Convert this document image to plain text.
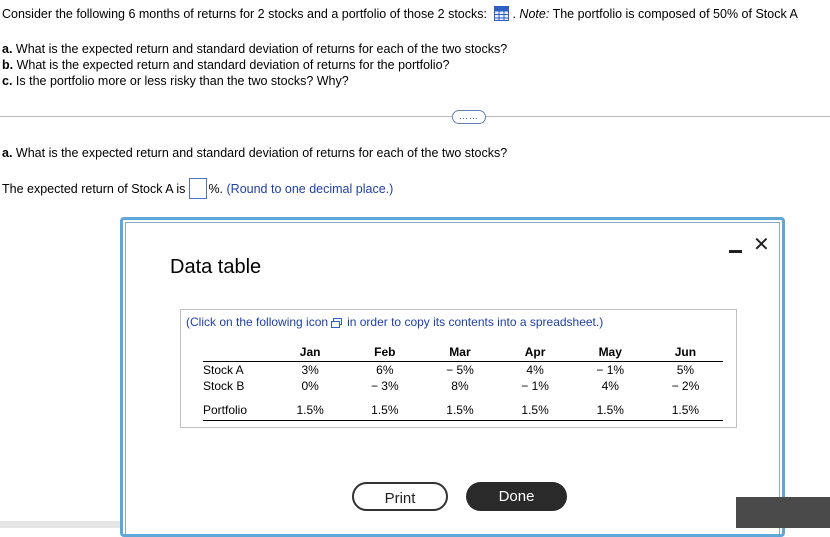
Consider the following 6 months of returns for 2 stocks and a portfolio of those 2 stocks: . Note: The portfolio is composed of 50% of Stock A
a. What is the expected return and standard deviation of returns for each of the two stocks?
b. What is the expected return and standard deviation of returns for the portfolio?
c. Is the portfolio more or less risky than the two stocks? Why?
……
a. What is the expected return and standard deviation of returns for each of the two stocks?
The expected return of Stock A is %. (Round to one decimal place.)
Data table
✕
(Click on the following icon in order to copy its contents into a spreadsheet.)
	Jan	Feb	Mar	Apr	May	Jun
Stock A	3%	6%	− 5%	4%	− 1%	5%
Stock B	0%	− 3%	8%	− 1%	4%	− 2%
Portfolio	1.5%	1.5%	1.5%	1.5%	1.5%	1.5%
Print	Done
